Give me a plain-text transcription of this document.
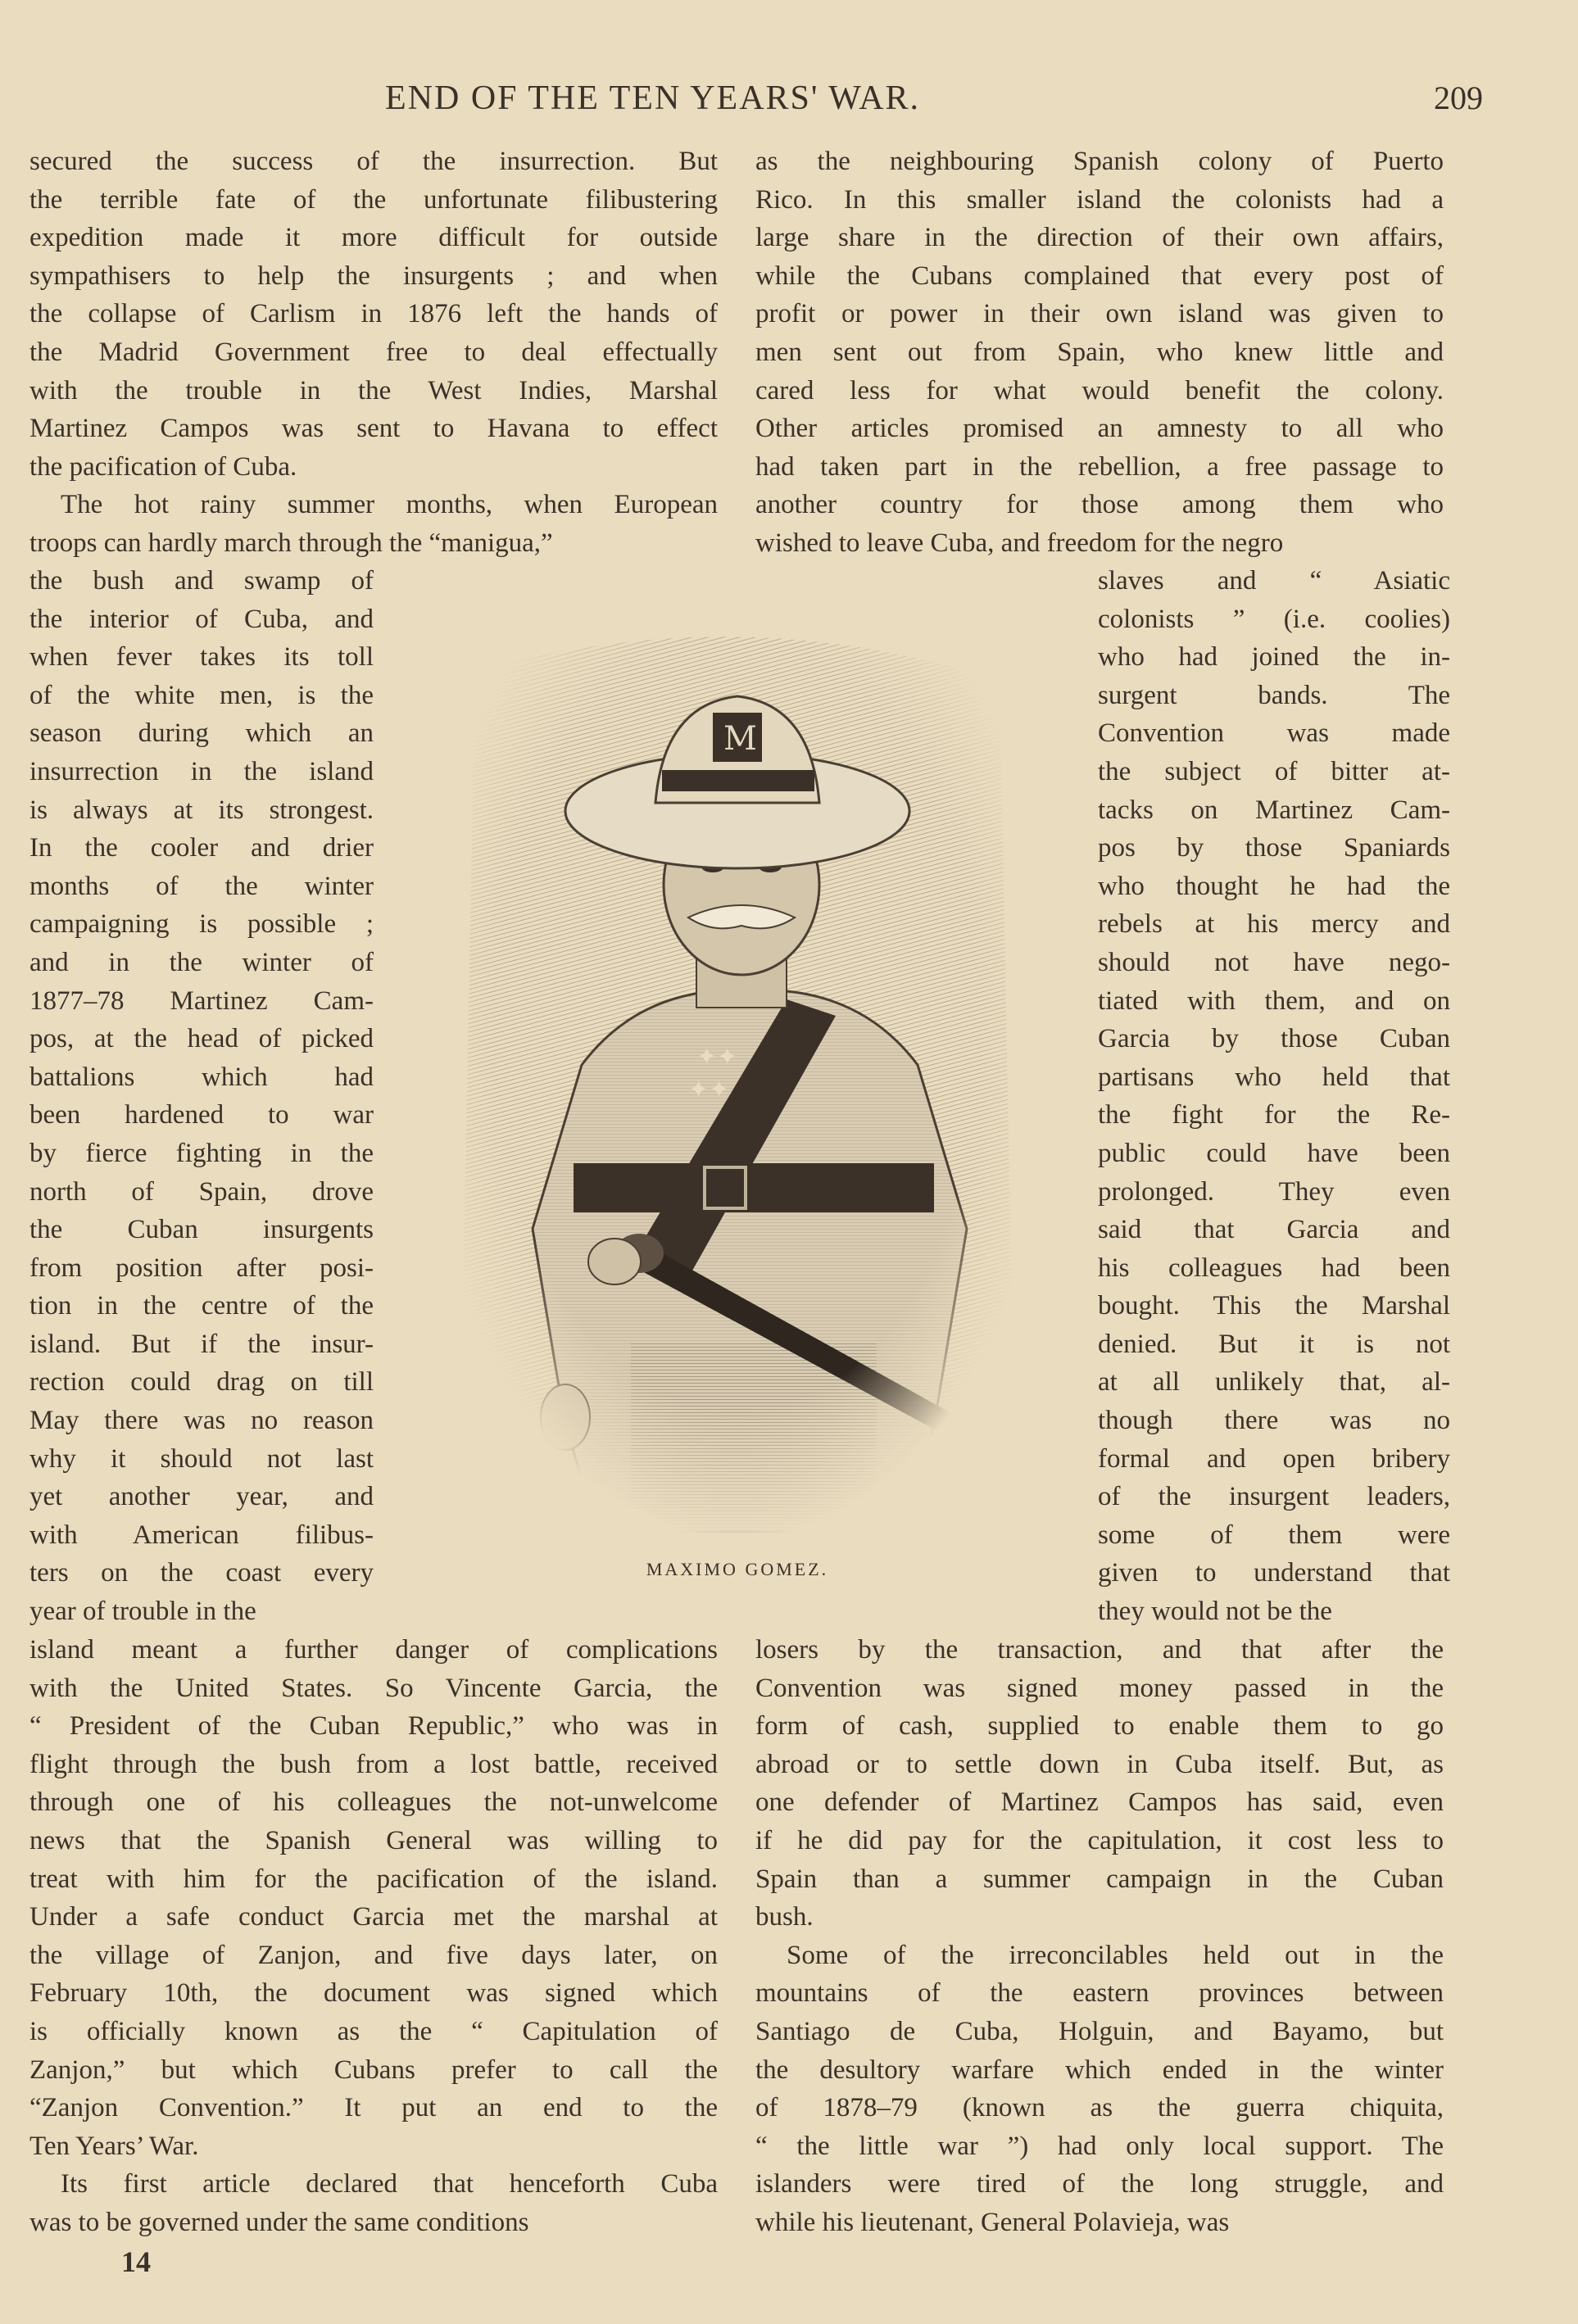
END OF THE TEN YEARS' WAR.	209
secured the success of the insurrection. But
the terrible fate of the unfortunate filibustering
expedition made it more difficult for outside
sympathisers to help the insurgents ; and when
the collapse of Carlism in 1876 left the hands of
the Madrid Government free to deal effectually
with the trouble in the West Indies, Marshal
Martinez Campos was sent to Havana to effect
the pacification of Cuba.
The hot rainy summer months, when European
troops can hardly march through the “manigua,”
the bush and swamp of
the interior of Cuba, and
when fever takes its toll
of the white men, is the
season during which an
insurrection in the island
is always at its strongest.
In the cooler and drier
months of the winter
campaigning is possible ;
and in the winter of
1877–78 Martinez Cam-
pos, at the head of picked
battalions which had
been hardened to war
by fierce fighting in the
north of Spain, drove
the Cuban insurgents
from position after posi-
tion in the centre of the
island. But if the insur-
rection could drag on till
May there was no reason
why it should not last
yet another year, and
with American filibus-
ters on the coast every
year of trouble in the
island meant a further danger of complications
with the United States. So Vincente Garcia, the
“ President of the Cuban Republic,” who was in
flight through the bush from a lost battle, received
through one of his colleagues the not-unwelcome
news that the Spanish General was willing to
treat with him for the pacification of the island.
Under a safe conduct Garcia met the marshal at
the village of Zanjon, and five days later, on
February 10th, the document was signed which
is officially known as the “ Capitulation of
Zanjon,” but which Cubans prefer to call the
“Zanjon Convention.” It put an end to the
Ten Years’ War.
Its first article declared that henceforth Cuba
was to be governed under the same conditions
as the neighbouring Spanish colony of Puerto
Rico. In this smaller island the colonists had a
large share in the direction of their own affairs,
while the Cubans complained that every post of
profit or power in their own island was given to
men sent out from Spain, who knew little and
cared less for what would benefit the colony.
Other articles promised an amnesty to all who
had taken part in the rebellion, a free passage to
another country for those among them who
wished to leave Cuba, and freedom for the negro
slaves and “ Asiatic
colonists ” (i.e. coolies)
who had joined the in-
surgent bands. The
Convention was made
the subject of bitter at-
tacks on Martinez Cam-
pos by those Spaniards
who thought he had the
rebels at his mercy and
should not have nego-
tiated with them, and on
Garcia by those Cuban
partisans who held that
the fight for the Re-
public could have been
prolonged. They even
said that Garcia and
his colleagues had been
bought. This the Marshal
denied. But it is not
at all unlikely that, al-
though there was no
formal and open bribery
of the insurgent leaders,
some of them were
given to understand that
they would not be the
losers by the transaction, and that after the
Convention was signed money passed in the
form of cash, supplied to enable them to go
abroad or to settle down in Cuba itself. But, as
one defender of Martinez Campos has said, even
if he did pay for the capitulation, it cost less to
Spain than a summer campaign in the Cuban
bush.
Some of the irreconcilables held out in the
mountains of the eastern provinces between
Santiago de Cuba, Holguin, and Bayamo, but
the desultory warfare which ended in the winter
of 1878–79 (known as the guerra chiquita,
“ the little war ”) had only local support. The
islanders were tired of the long struggle, and
while his lieutenant, General Polavieja, was
MAXIMO GOMEZ.
14
